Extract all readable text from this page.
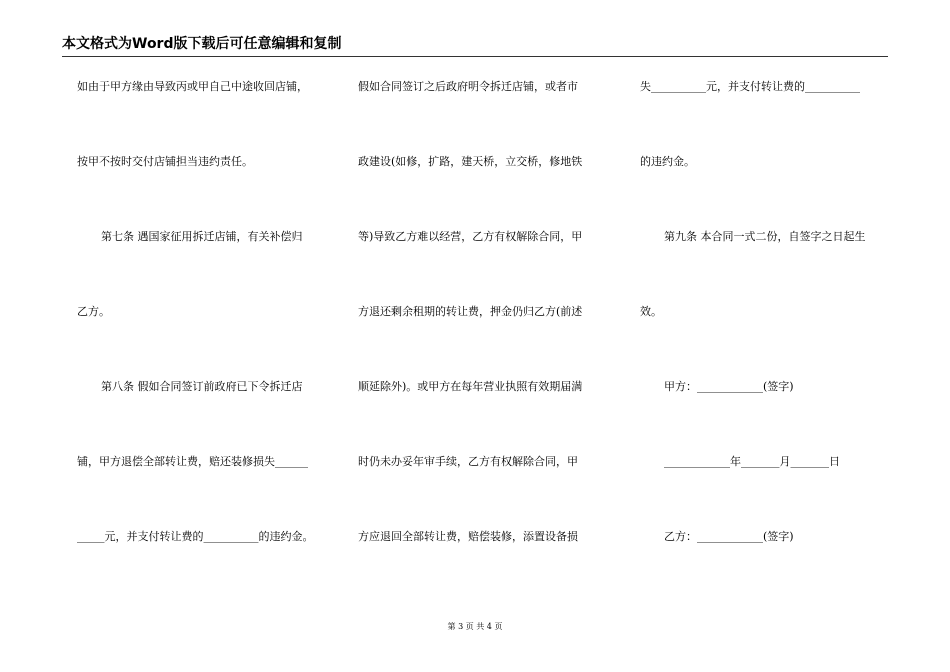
本文格式为Word版下载后可任意编辑和复制
如由于甲方缘由导致丙或甲自己中途收回店铺，
按甲不按时交付店铺担当违约责任。
第七条 遇国家征用拆迁店铺，有关补偿归
乙方。
第八条 假如合同签订前政府已下令拆迁店
铺，甲方退偿全部转让费，赔还装修损失______
_____元，并支付转让费的__________的违约金。
假如合同签订之后政府明令拆迁店铺，或者市
政建设(如修，扩路，建天桥，立交桥，修地铁
等)导致乙方难以经营，乙方有权解除合同，甲
方退还剩余租期的转让费，押金仍归乙方(前述
顺延除外)。或甲方在每年营业执照有效期届满
时仍未办妥年审手续，乙方有权解除合同，甲
方应退回全部转让费，赔偿装修，添置设备损
失__________元，并支付转让费的__________
的违约金。
第九条 本合同一式二份，自签字之日起生
效。
甲方：____________(签字)
____________年_______月_______日
乙方：____________(签字)
第 3 页 共 4 页
